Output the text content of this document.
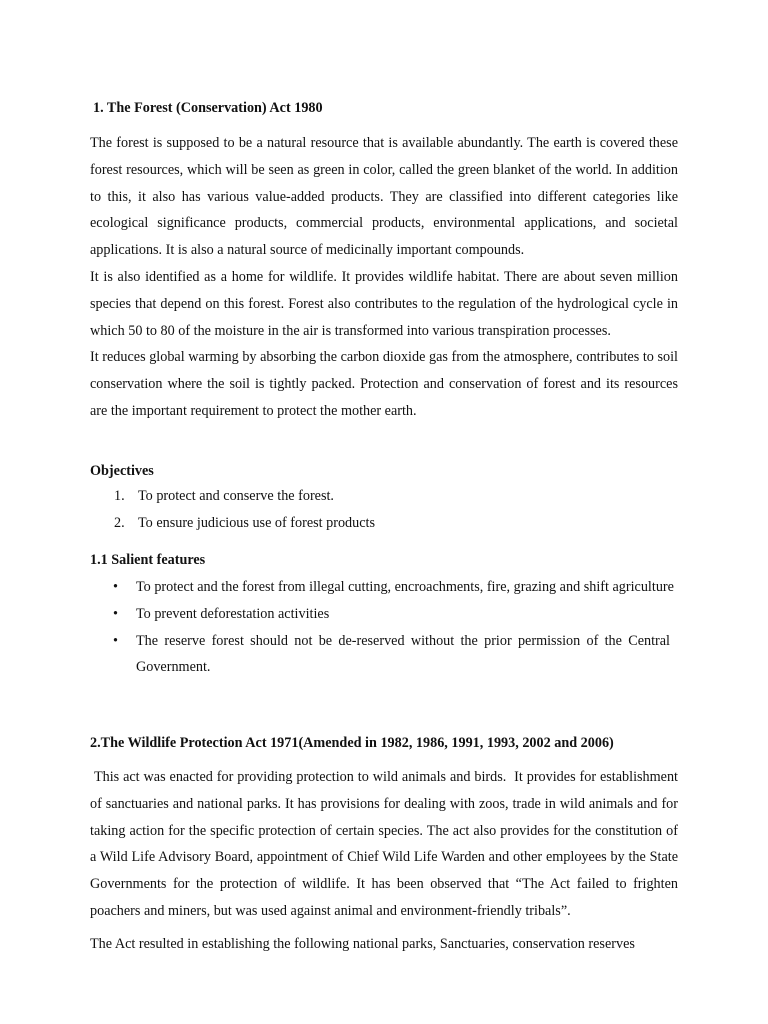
1. The Forest (Conservation) Act 1980

The forest is supposed to be a natural resource that is available abundantly. The earth is covered these forest resources, which will be seen as green in color, called the green blanket of the world. In addition to this, it also has various value-added products. They are classified into different categories like ecological significance products, commercial products, environmental applications, and societal applications. It is also a natural source of medicinally important compounds.

It is also identified as a home for wildlife. It provides wildlife habitat. There are about seven million species that depend on this forest. Forest also contributes to the regulation of the hydrological cycle in which 50 to 80 of the moisture in the air is transformed into various transpiration processes.

It reduces global warming by absorbing the carbon dioxide gas from the atmosphere, contributes to soil conservation where the soil is tightly packed. Protection and conservation of forest and its resources are the important requirement to protect the mother earth.

Objectives

1. To protect and conserve the forest.
2. To ensure judicious use of forest products

1.1 Salient features

• To protect and the forest from illegal cutting, encroachments, fire, grazing and shift agriculture
• To prevent deforestation activities
• The reserve forest should not be de-reserved without the prior permission of the Central Government.

2.The Wildlife Protection Act 1971(Amended in 1982, 1986, 1991, 1993, 2002 and 2006)

This act was enacted for providing protection to wild animals and birds.  It provides for establishment of sanctuaries and national parks. It has provisions for dealing with zoos, trade in wild animals and for taking action for the specific protection of certain species. The act also provides for the constitution of a Wild Life Advisory Board, appointment of Chief Wild Life Warden and other employees by the State Governments for the protection of wildlife. It has been observed that “The Act failed to frighten poachers and miners, but was used against animal and environment-friendly tribals”.

The Act resulted in establishing the following national parks, Sanctuaries, conservation reserves
